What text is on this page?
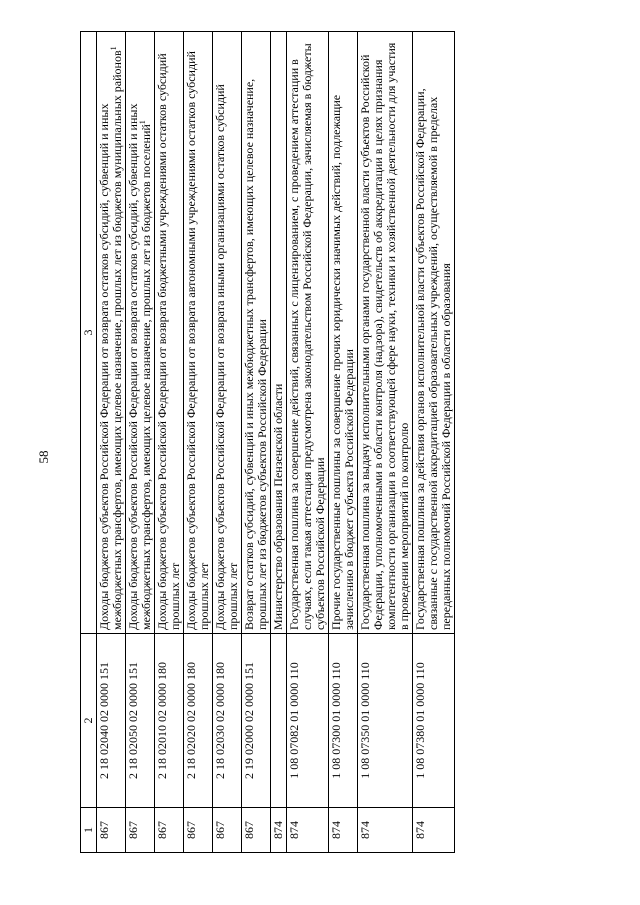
58
1	2	3
867	2 18 02040 02 0000 151	Доходы бюджетов субъектов Российской Федерации от возврата остатков субсидий, субвенций и иных межбюджетных трансфертов, имеющих целевое назначение, прошлых лет из бюджетов муниципальных районов$^1$
867	2 18 02050 02 0000 151	Доходы бюджетов субъектов Российской Федерации от возврата остатков субсидий, субвенций и иных межбюджетных трансфертов, имеющих целевое назначение, прошлых лет из бюджетов поселений$^1$
867	2 18 02010 02 0000 180	Доходы бюджетов субъектов Российской Федерации от возврата бюджетными учреждениями остатков субсидий прошлых лет
867	2 18 02020 02 0000 180	Доходы бюджетов субъектов Российской Федерации от возврата автономными учреждениями остатков субсидий прошлых лет
867	2 18 02030 02 0000 180	Доходы бюджетов субъектов Российской Федерации от возврата иными организациями остатков субсидий прошлых лет
867	2 19 02000 02 0000 151	Возврат остатков субсидий, субвенций и иных межбюджетных трансфертов, имеющих целевое назначение, прошлых лет из бюджетов субъектов Российской Федерации
874		Министерство образования Пензенской области
874	1 08 07082 01 0000 110	Государственная пошлина за совершение действий, связанных с лицензированием, с проведением аттестации в случаях, если такая аттестация предусмотрена законодательством Российской Федерации, зачисляемая в бюджеты субъектов Российской Федерации
874	1 08 07300 01 0000 110	Прочие государственные пошлины за совершение прочих юридически значимых действий, подлежащие зачислению в бюджет субъекта Российской Федерации
874	1 08 07350 01 0000 110	Государственная пошлина за выдачу исполнительными органами государственной власти субъектов Российской Федерации, уполномоченными в области контроля (надзора), свидетельств об аккредитации в целях признания компетентности организации в соответствующей сфере науки, техники и хозяйственной деятельности для участия в проведении мероприятий по контролю
874	1 08 07380 01 0000 110	Государственная пошлина за действия органов исполнительной власти субъектов Российской Федерации, связанные с государственной аккредитацией образовательных учреждений, осуществляемой в пределах переданных полномочий Российской Федерации в области образования
